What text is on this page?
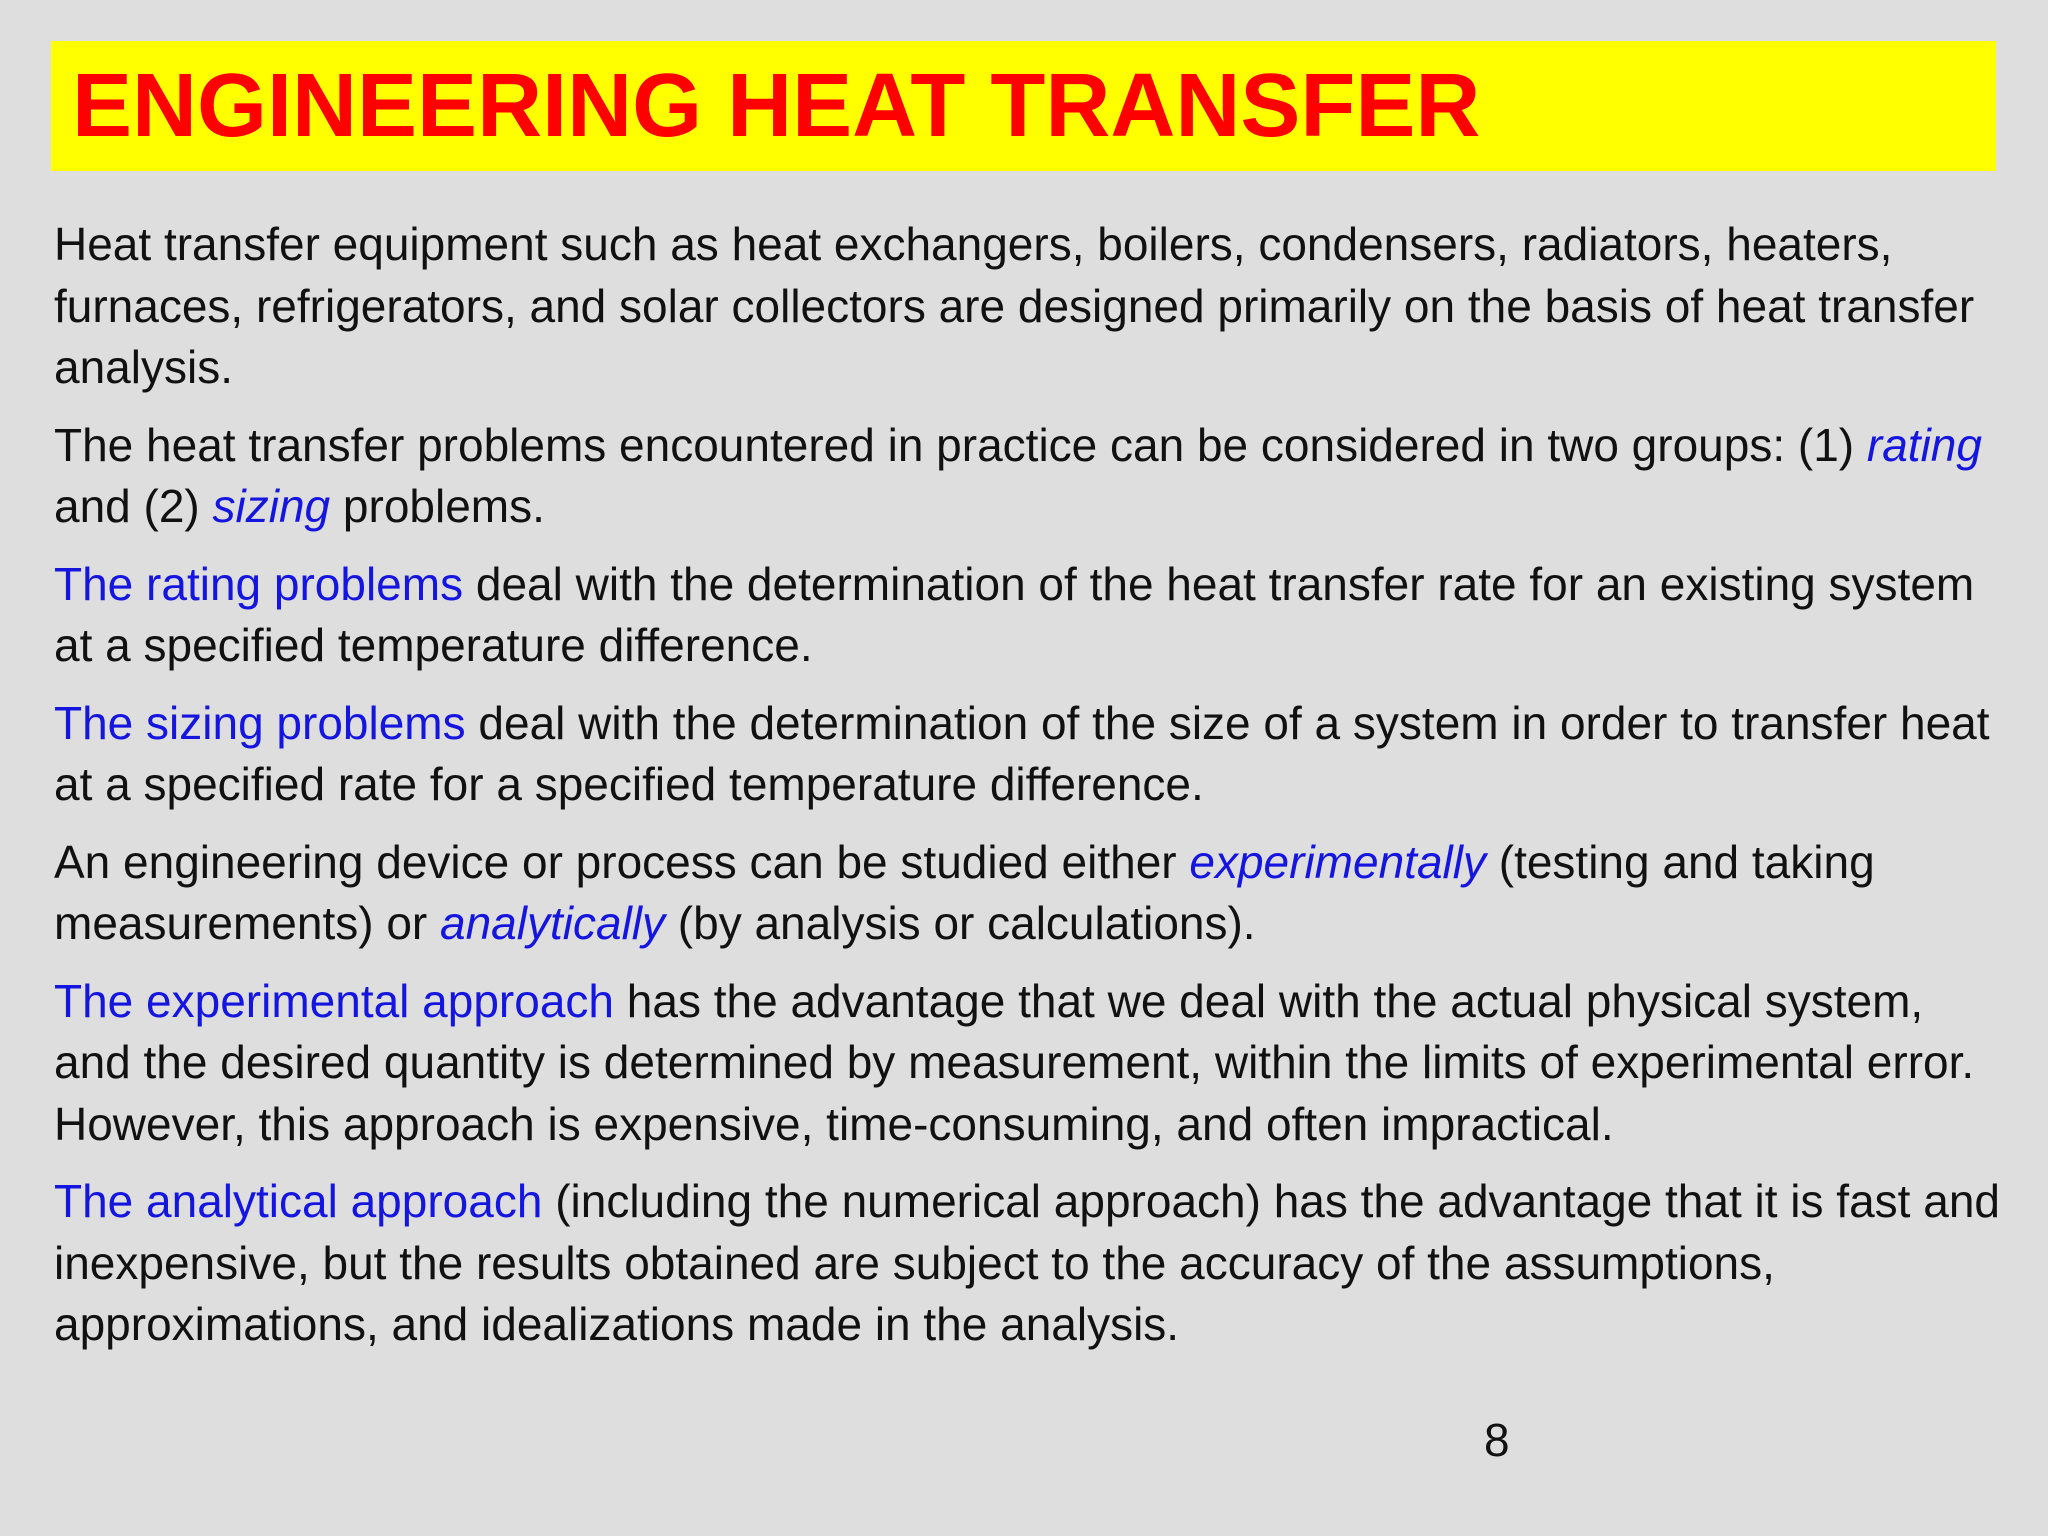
ENGINEERING HEAT TRANSFER

Heat transfer equipment such as heat exchangers, boilers, condensers, radiators, heaters, furnaces, refrigerators, and solar collectors are designed primarily on the basis of heat transfer analysis.

The heat transfer problems encountered in practice can be considered in two groups: (1) rating and (2) sizing problems.

The rating problems deal with the determination of the heat transfer rate for an existing system at a specified temperature difference.

The sizing problems deal with the determination of the size of a system in order to transfer heat at a specified rate for a specified temperature difference.

An engineering device or process can be studied either experimentally (testing and taking measurements) or analytically (by analysis or calculations).

The experimental approach has the advantage that we deal with the actual physical system, and the desired quantity is determined by measurement, within the limits of experimental error. However, this approach is expensive, time-consuming, and often impractical.

The analytical approach (including the numerical approach) has the advantage that it is fast and inexpensive, but the results obtained are subject to the accuracy of the assumptions, approximations, and idealizations made in the analysis.

8
